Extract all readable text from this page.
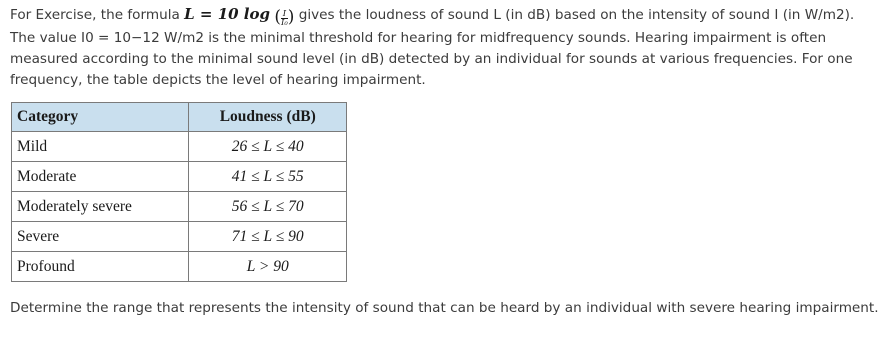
For Exercise, the formula L = 10 log ( $\frac{I}{\text{I₀}}$ ) gives the loudness of sound L (in dB) based on the intensity of sound I (in W/m2). The value I0 = 10−12 W/m2 is the minimal threshold for hearing for midfrequency sounds. Hearing impairment is often measured according to the minimal sound level (in dB) detected by an individual for sounds at various frequencies. For one frequency, the table depicts the level of hearing impairment.
Category	Loudness (dB)
Mild	26 ≤ L ≤ 40
Moderate	41 ≤ L ≤ 55
Moderately severe	56 ≤ L ≤ 70
Severe	71 ≤ L ≤ 90
Profound	L > 90
Determine the range that represents the intensity of sound that can be heard by an individual with severe hearing impairment.
